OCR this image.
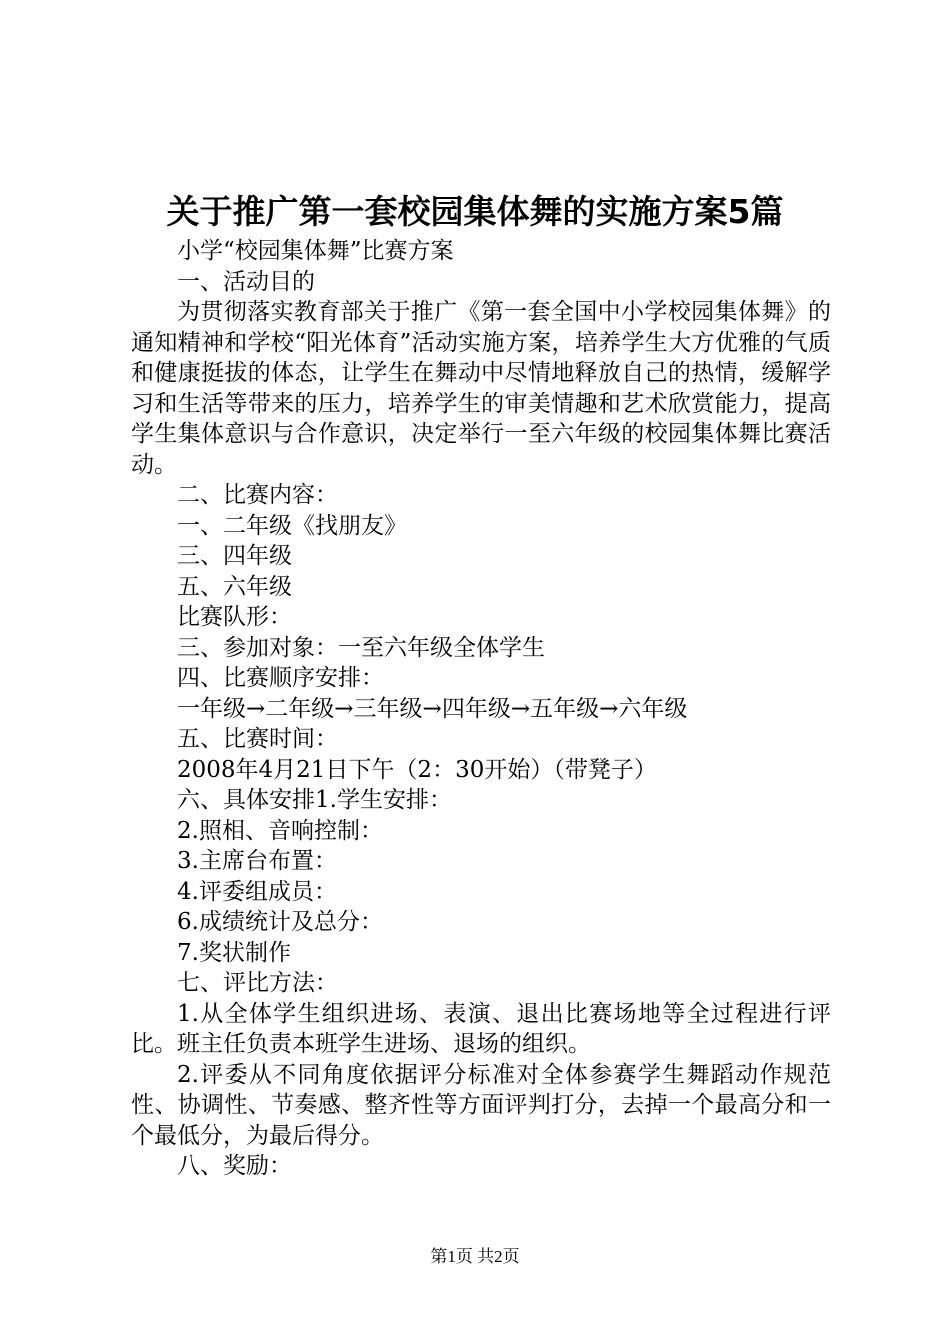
关于推广第一套校园集体舞的实施方案5篇

小学“校园集体舞”比赛方案

一、活动目的

为贯彻落实教育部关于推广《第一套全国中小学校园集体舞》的通知精神和学校“阳光体育”活动实施方案，培养学生大方优雅的气质和健康挺拔的体态，让学生在舞动中尽情地释放自己的热情，缓解学习和生活等带来的压力，培养学生的审美情趣和艺术欣赏能力，提高学生集体意识与合作意识，决定举行一至六年级的校园集体舞比赛活动。

二、比赛内容：

一、二年级《找朋友》

三、四年级

五、六年级

比赛队形：

三、参加对象：一至六年级全体学生

四、比赛顺序安排：

一年级→二年级→三年级→四年级→五年级→六年级

五、比赛时间：

2008年4月21日下午（2：30开始）（带凳子）

六、具体安排1.学生安排：

2.照相、音响控制：

3.主席台布置：

4.评委组成员：

6.成绩统计及总分：

7.奖状制作

七、评比方法：

1.从全体学生组织进场、表演、退出比赛场地等全过程进行评比。班主任负责本班学生进场、退场的组织。

2.评委从不同角度依据评分标准对全体参赛学生舞蹈动作规范性、协调性、节奏感、整齐性等方面评判打分，去掉一个最高分和一个最低分，为最后得分。

八、奖励：

第1页 共2页
